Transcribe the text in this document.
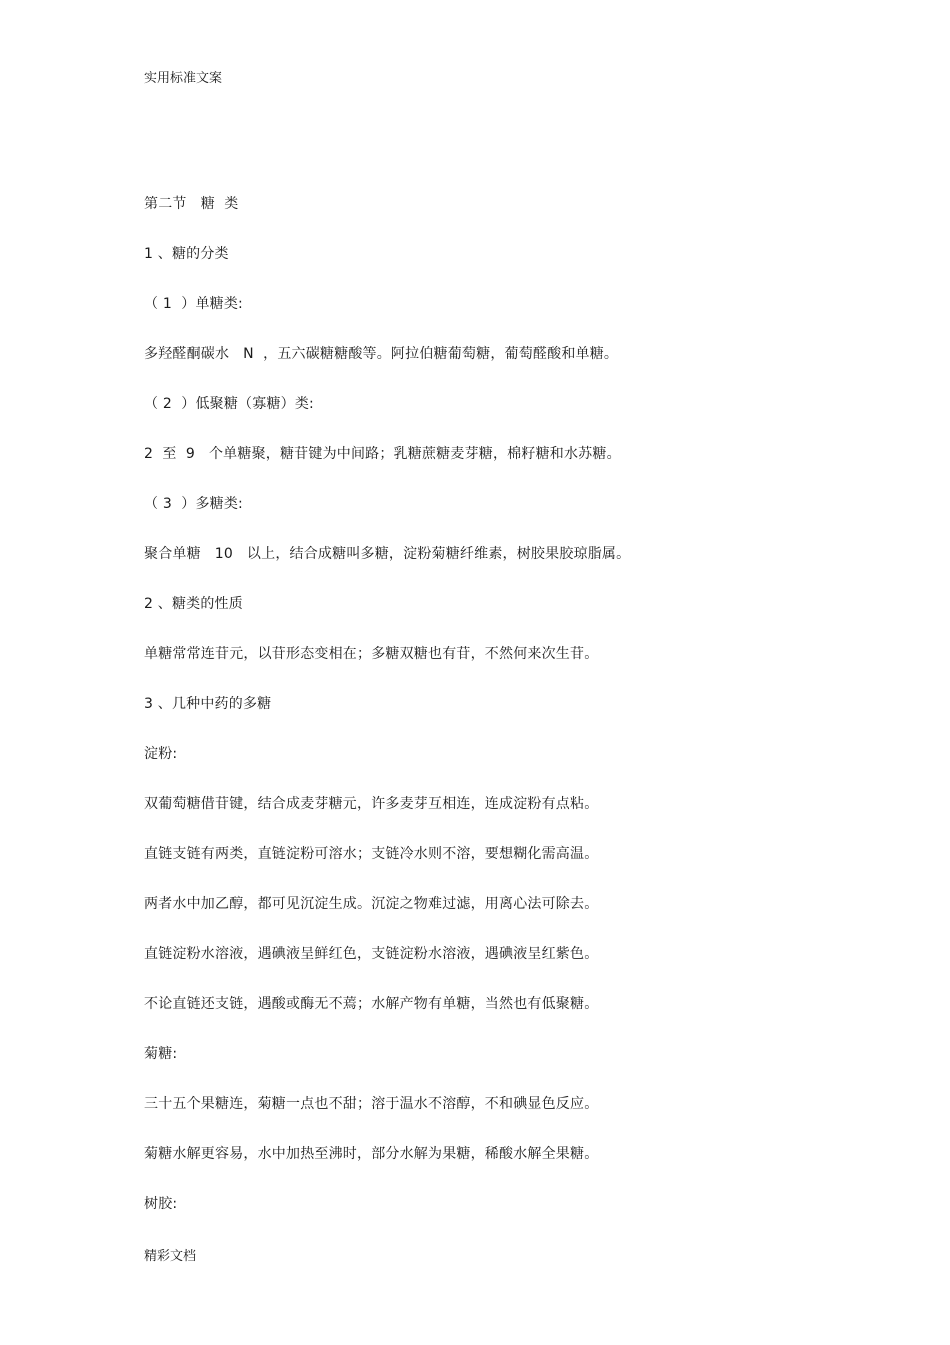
实用标准文案
第二节　糖  类
1 、糖的分类
（ 1  ）单糖类:
多羟醛酮碳水   N  ，五六碳糖糖酸等。阿拉伯糖葡萄糖，葡萄醛酸和单糖。
（ 2  ）低聚糖（寡糖）类:
2  至  9   个单糖聚，糖苷键为中间路；乳糖蔗糖麦芽糖，棉籽糖和水苏糖。
（ 3  ）多糖类:
聚合单糖   10   以上，结合成糖叫多糖，淀粉菊糖纤维素，树胶果胶琼脂属。
2 、糖类的性质
单糖常常连苷元，以苷形态变相在；多糖双糖也有苷，不然何来次生苷。
3 、几种中药的多糖
淀粉:
双葡萄糖借苷键，结合成麦芽糖元，许多麦芽互相连，连成淀粉有点粘。
直链支链有两类，直链淀粉可溶水；支链冷水则不溶，要想糊化需高温。
两者水中加乙醇，都可见沉淀生成。沉淀之物难过滤，用离心法可除去。
直链淀粉水溶液，遇碘液呈鲜红色，支链淀粉水溶液，遇碘液呈红紫色。
不论直链还支链，遇酸或酶无不蔫；水解产物有单糖，当然也有低聚糖。
菊糖:
三十五个果糖连，菊糖一点也不甜；溶于温水不溶醇，不和碘显色反应。
菊糖水解更容易，水中加热至沸时，部分水解为果糖，稀酸水解全果糖。
树胶:
精彩文档
